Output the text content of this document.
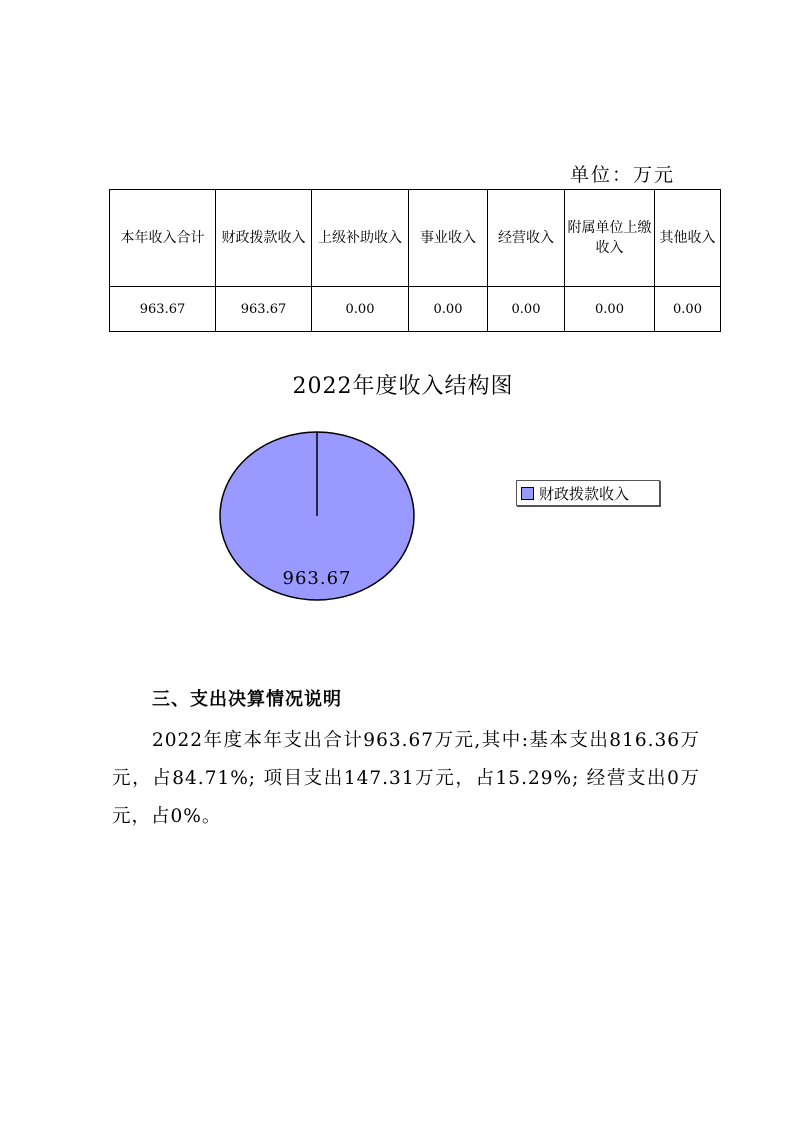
单位：万元
本年收入合计	财政拨款收入	上级补助收入	事业收入	经营收入	附属单位上缴收入	其他收入
963.67	963.67	0.00	0.00	0.00	0.00	0.00
2022年度收入结构图
963.67
财政拨款收入
三、支出决算情况说明
2022年度本年支出合计963.67万元,其中:基本支出816.36万元，占84.71%; 项目支出147.31万元，占15.29%; 经营支出0万元，占0%。
